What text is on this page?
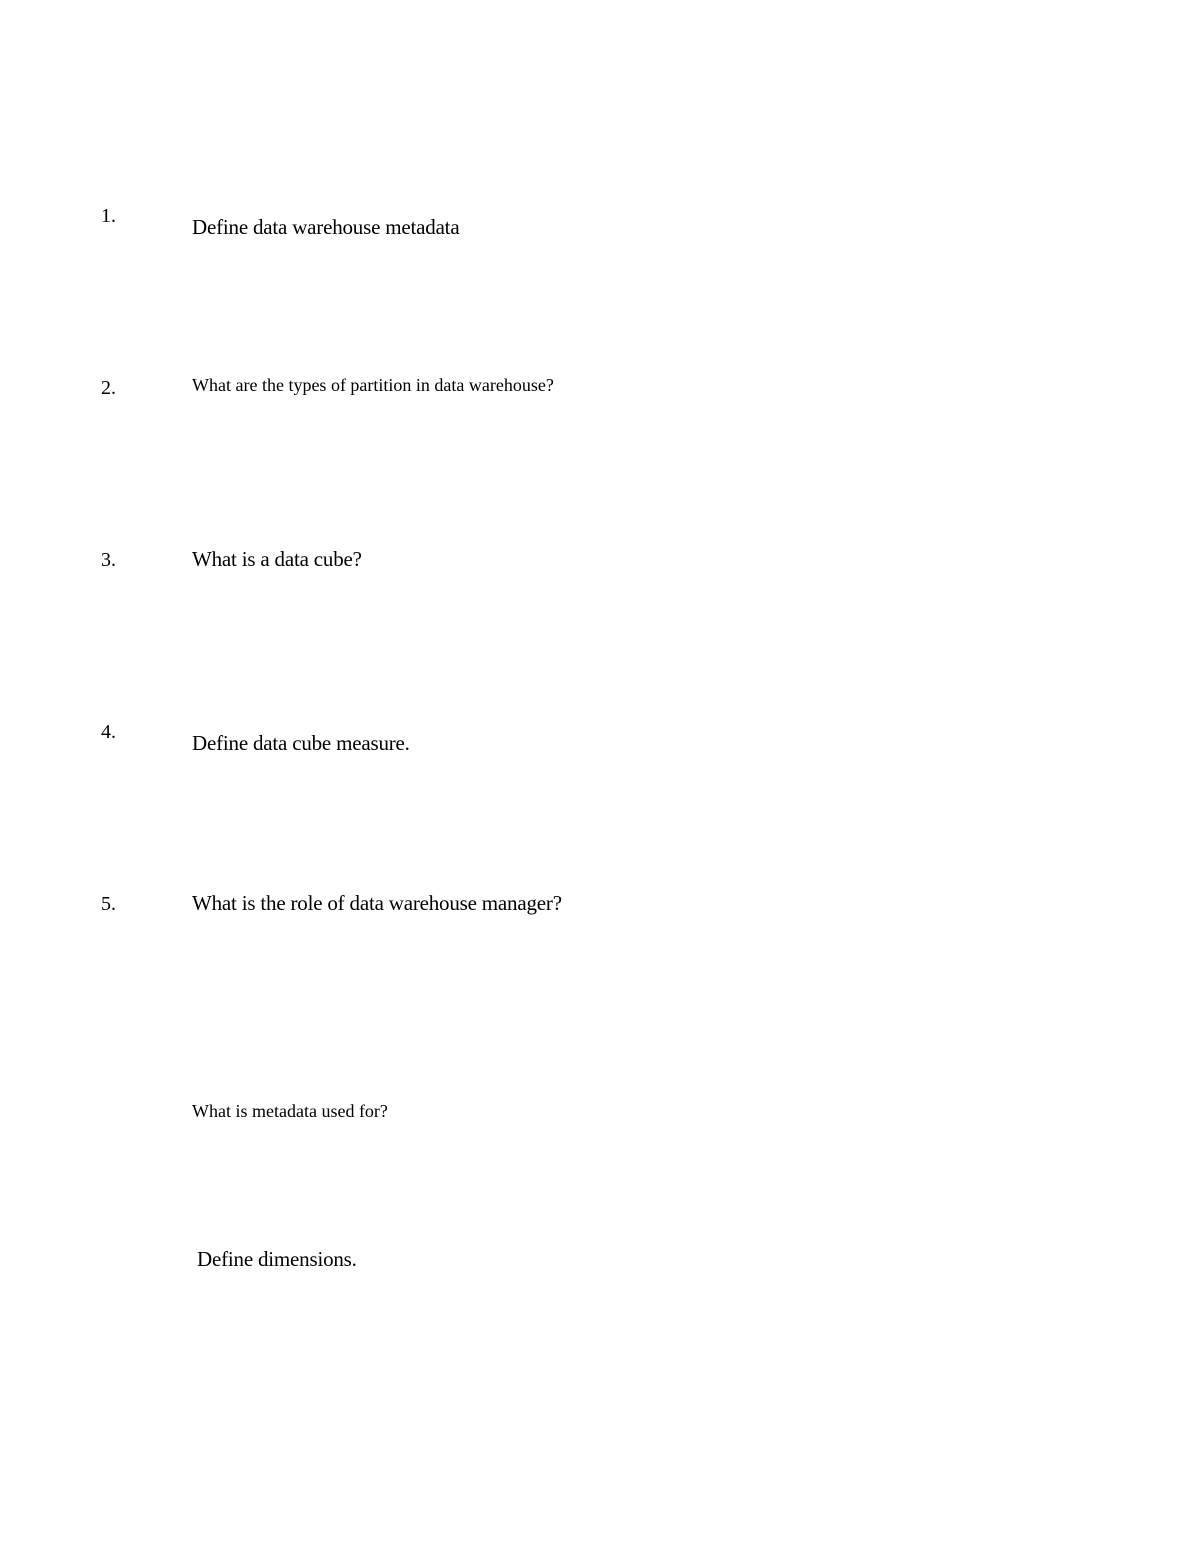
1.	Define data warehouse metadata
2.	What are the types of partition in data warehouse?
3.	What is a data cube?
4.	Define data cube measure.
5.	What is the role of data warehouse manager?
What is metadata used for?
Define dimensions.
